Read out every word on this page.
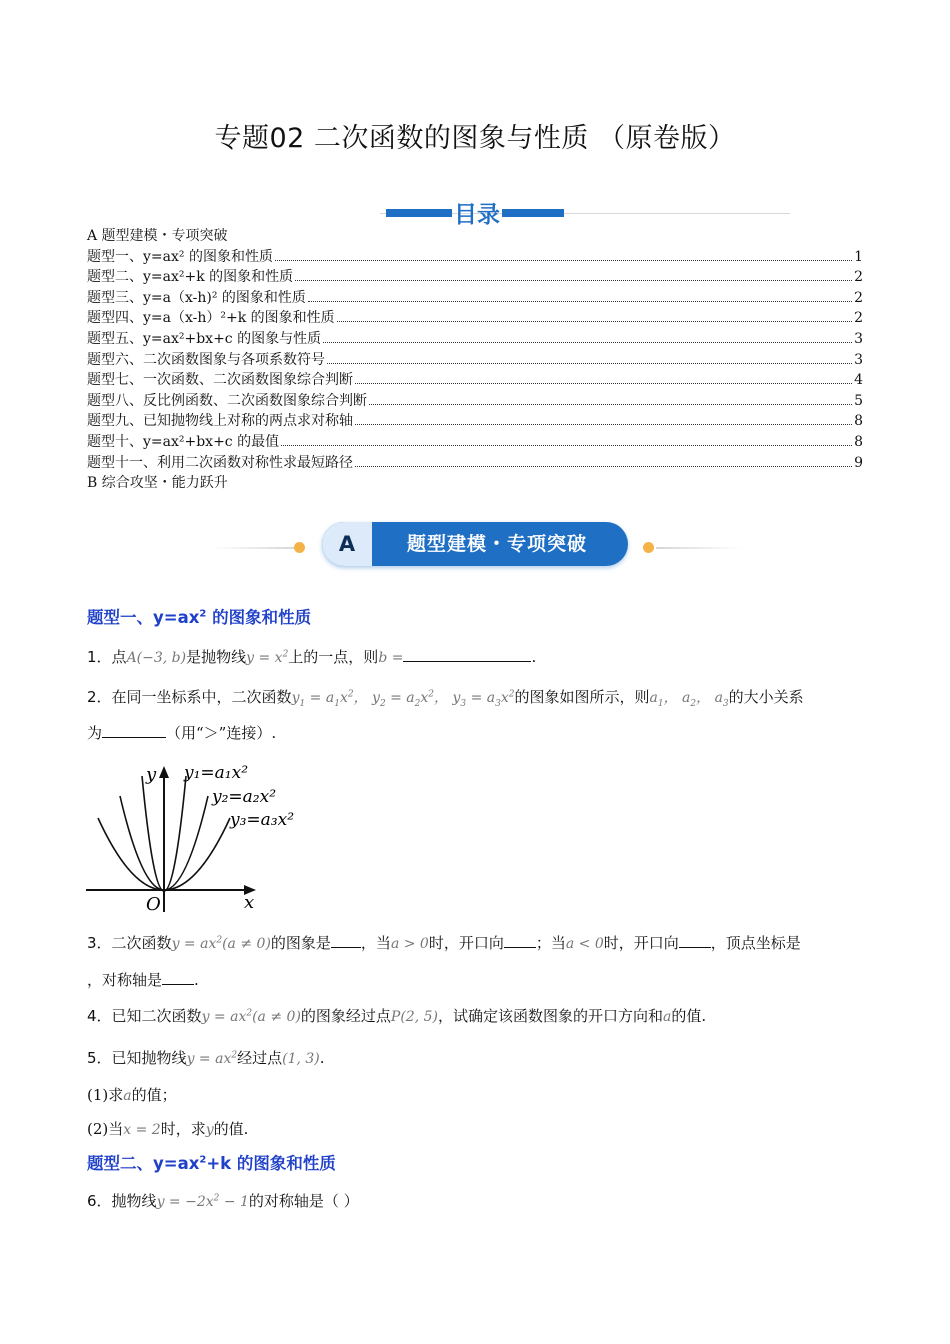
专题02 二次函数的图象与性质 （原卷版）
目录
A 题型建模・专项突破
题型一、y=ax² 的图象和性质	1
题型二、y=ax²+k 的图象和性质	2
题型三、y=a（x-h)² 的图象和性质	2
题型四、y=a（x-h）²+k 的图象和性质	2
题型五、y=ax²+bx+c 的图象与性质	3
题型六、二次函数图象与各项系数符号	3
题型七、一次函数、二次函数图象综合判断	4
题型八、反比例函数、二次函数图象综合判断	5
题型九、已知抛物线上对称的两点求对称轴	8
题型十、y=ax²+bx+c 的最值	8
题型十一、利用二次函数对称性求最短路径	9
B 综合攻坚・能力跃升
A	题型建模・专项突破
题型一、$y=ax^2$ 的图象和性质
1．点A(−3, b)是抛物线$y = x^2$上的一点，则b =	.
2．在同一坐标系中，二次函数$y_1 = a_1x^2$， $y_2 = a_2x^2$， $y_3 = a_3x^2$的图象如图所示，则$a_1$， $a_2$， $a_3$的大小关系
为	（用“＞”连接）.
y₁=a₁x²
y₂=a₂x²
y₃=a₃x²
y
x
O
3．二次函数$y = ax^2(a \ne 0)$的图象是 ，当a > 0时，开口向 ；当a < 0时，开口向 ，顶点坐标是
，对称轴是 .
4．已知二次函数$y = ax^2(a \ne 0)$的图象经过点P(2, 5)，试确定该函数图象的开口方向和a的值.
5．已知抛物线$y = ax^2$经过点(1, 3).
(1)求a的值；
(2)当x = 2时，求y的值.
题型二、$y=ax^2+k$ 的图象和性质
6．抛物线$y = -2x^2 - 1$的对称轴是（ ）
